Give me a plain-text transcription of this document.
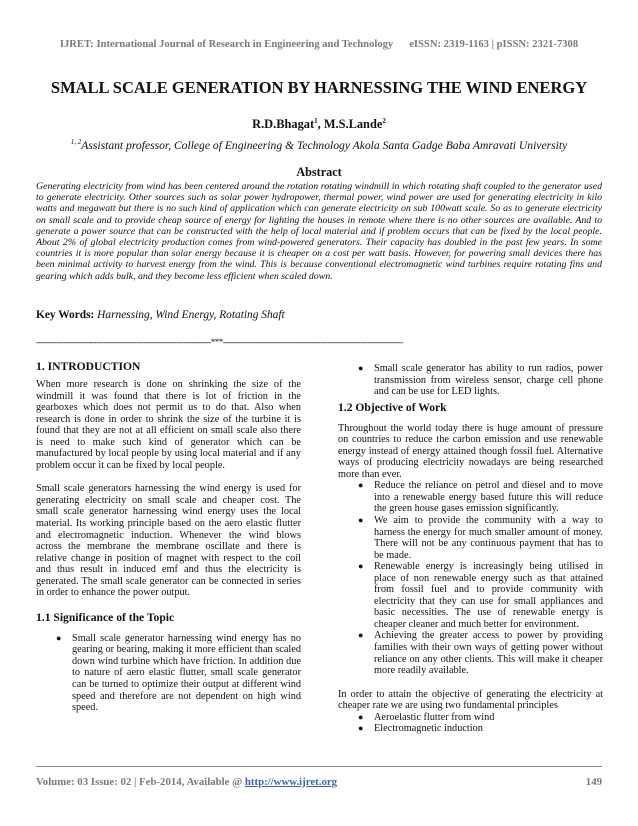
IJRET: International Journal of Research in Engineering and Technology eISSN: 2319-1163 | pISSN: 2321-7308
SMALL SCALE GENERATION BY HARNESSING THE WIND ENERGY
R.D.Bhagat$^1$, M.S.Lande$^2$
$^{1, 2}$Assistant professor, College of Engineering & Technology Akola Santa Gadge Baba Amravati University
Abstract

Generating electricity from wind has been centered around the rotation rotating windmill in which rotating shaft coupled to the generator used to generate electricity. Other sources such as solar power hydropower, thermal power, wind power are used for generating electricity in kilo watts and megawatt but there is no such kind of application which can generate electricity on sub 100watt scale. So as to generate electricity on small scale and to provide cheap source of energy for lighting the houses in remote where there is no other sources are available. And to generate a power source that can be constructed with the help of local material and if problem occurs that can be fixed by the local people. About 2% of global electricity production comes from wind-powered generators. Their capacity has doubled in the past few years. In some countries it is more popular than solar energy because it is cheaper on a cost per watt basis. However, for powering small devices there has been minimal activity to harvest energy from the wind. This is because conventional electromagnetic wind turbines require rotating fins and gearing which adds bulk, and they become less efficient when scaled down.

Key Words: Harnessing, Wind Energy, Rotating Shaft
----------------------------------------------------------------------***------------------------------------------------------------------------
1. INTRODUCTION

When more research is done on shrinking the size of the windmill it was found that there is lot of friction in the gearboxes which does not permit us to do that. Also when research is done in order to shrink the size of the turbine it is found that they are not at all efficient on small scale also there is need to make such kind of generator which can be manufactured by local people by using local material and if any problem occur it can be fixed by local people.

Small scale generators harnessing the wind energy is used for generating electricity on small scale and cheaper cost. The small scale generator harnessing wind energy uses the local material. Its working principle based on the aero elastic flutter and electromagnetic induction. Whenever the wind blows across the membrane the membrane oscillate and there is relative change in position of magnet with respect to the coil and thus result in induced emf and thus the electricity is generated. The small scale generator can be connected in series in order to enhance the power output.

1.1 Significance of the Topic
● Small scale generator harnessing wind energy has no gearing or bearing, making it more efficient than scaled down wind turbine which have friction. In addition due to nature of aero elastic flutter, small scale generator can be turned to optimize their output at different wind speed and therefore are not dependent on high wind speed.
● Small scale generator has ability to run radios, power transmission from wireless sensor, charge cell phone and can be use for LED lights.
1.2 Objective of Work

Throughout the world today there is huge amount of pressure on countries to reduce the carbon emission and use renewable energy instead of energy attained though fossil fuel. Alternative ways of producing electricity nowadays are being researched more than ever.

● Reduce the reliance on petrol and diesel and to move into a renewable energy based future this will reduce the green house gases emission significantly.
● We aim to provide the community with a way to harness the energy for much smaller amount of money. There will not be any continuous payment that has to be made.
● Renewable energy is increasingly being utilised in place of non renewable energy such as that attained from fossil fuel and to provide community with electricity that they can use for small appliances and basic necessities. The use of renewable energy is cheaper cleaner and much better for environment.
● Achieving the greater access to power by providing families with their own ways of getting power without reliance on any other clients. This will make it cheaper more readily available.

In order to attain the objective of generating the electricity at cheaper rate we are using two fundamental principles

● Aeroelastic flutter from wind
● Electromagnetic induction
Volume: 03 Issue: 02 | Feb-2014, Available @ http://www.ijret.org	149
